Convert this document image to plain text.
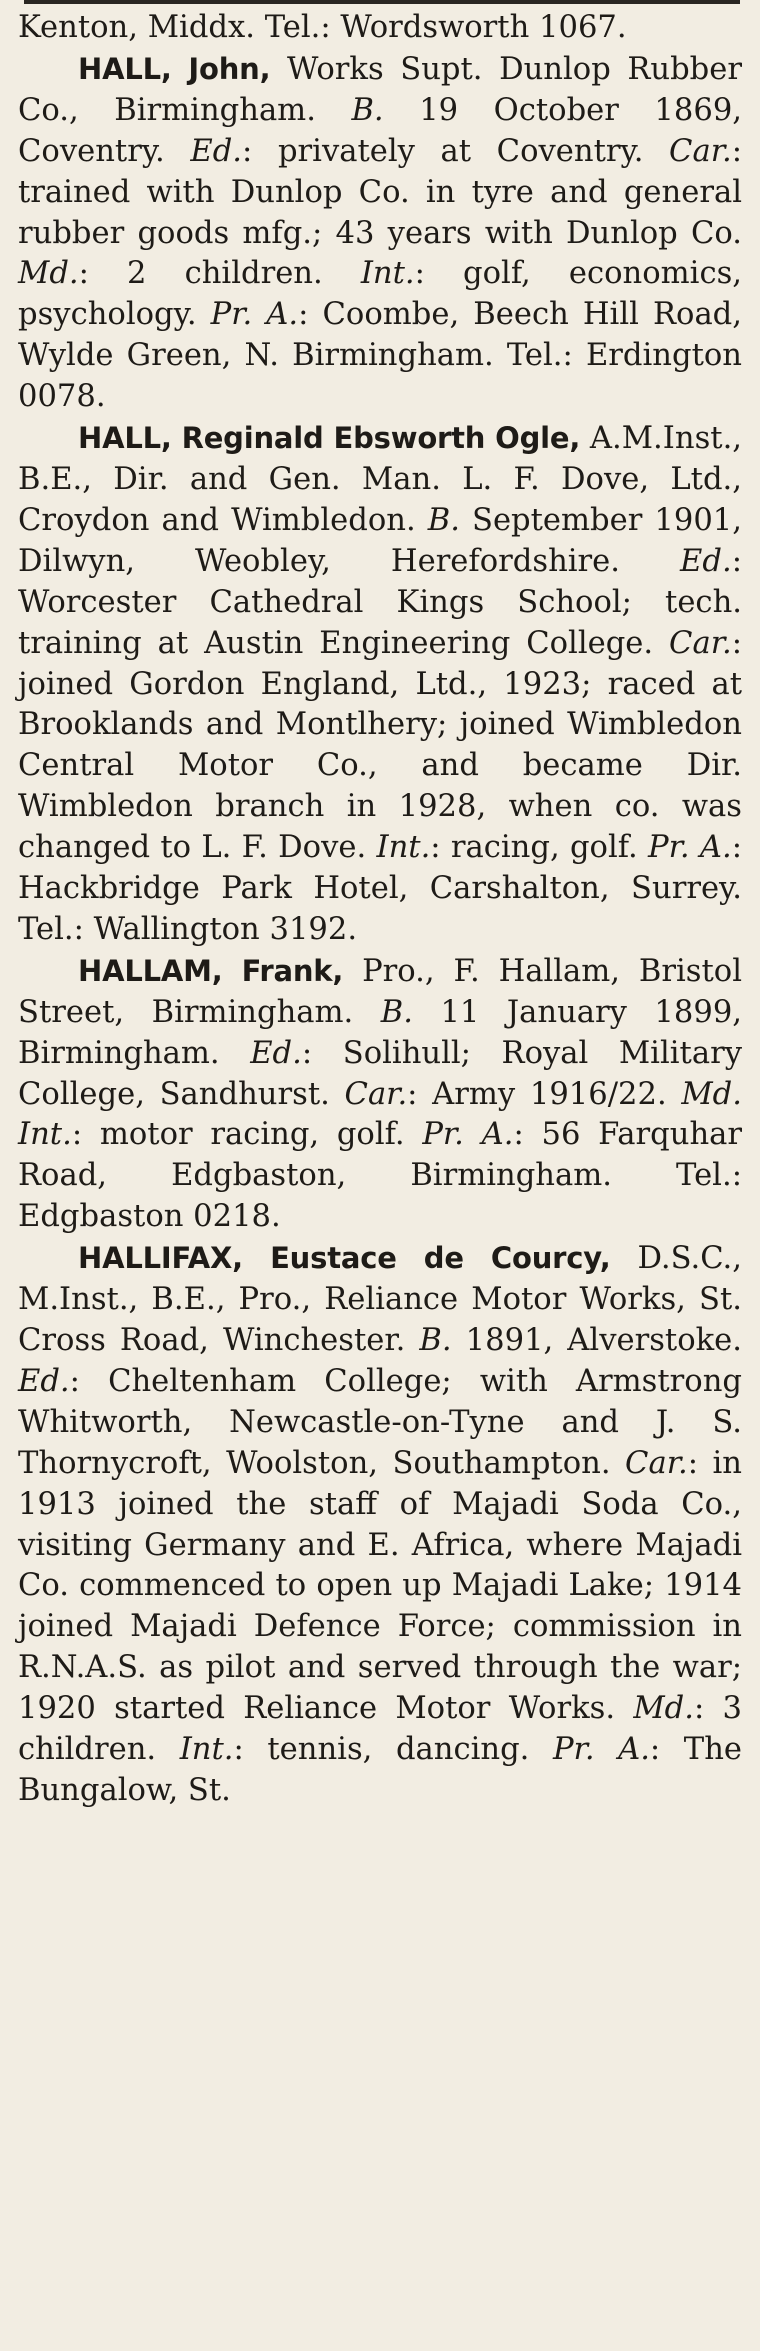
Kenton, Middx. Tel.: Wordsworth 1067.

HALL, John, Works Supt. Dunlop Rubber Co., Birmingham. B. 19 October 1869, Coventry. Ed.: privately at Coventry. Car.: trained with Dunlop Co. in tyre and general rubber goods mfg.; 43 years with Dunlop Co. Md.: 2 children. Int.: golf, economics, psychology. Pr. A.: Coombe, Beech Hill Road, Wylde Green, N. Birmingham. Tel.: Erdington 0078.

HALL, Reginald Ebsworth Ogle, A.M.Inst., B.E., Dir. and Gen. Man. L. F. Dove, Ltd., Croydon and Wimbledon. B. September 1901, Dilwyn, Weobley, Herefordshire. Ed.: Worcester Cathedral Kings School; tech. training at Austin Engineering College. Car.: joined Gordon England, Ltd., 1923; raced at Brooklands and Montlhery; joined Wimbledon Central Motor Co., and became Dir. Wimbledon branch in 1928, when co. was changed to L. F. Dove. Int.: racing, golf. Pr. A.: Hackbridge Park Hotel, Carshalton, Surrey. Tel.: Wallington 3192.

HALLAM, Frank, Pro., F. Hallam, Bristol Street, Birmingham. B. 11 January 1899, Birmingham. Ed.: Solihull; Royal Military College, Sandhurst. Car.: Army 1916/22. Md. Int.: motor racing, golf. Pr. A.: 56 Farquhar Road, Edgbaston, Birmingham. Tel.: Edgbaston 0218.

HALLIFAX, Eustace de Courcy, D.S.C., M.Inst., B.E., Pro., Reliance Motor Works, St. Cross Road, Winchester. B. 1891, Alverstoke. Ed.: Cheltenham College; with Armstrong Whitworth, Newcastle-on-Tyne and J. S. Thornycroft, Woolston, Southampton. Car.: in 1913 joined the staff of Majadi Soda Co., visiting Germany and E. Africa, where Majadi Co. commenced to open up Majadi Lake; 1914 joined Majadi Defence Force; commission in R.N.A.S. as pilot and served through the war; 1920 started Reliance Motor Works. Md.: 3 children. Int.: tennis, dancing. Pr. A.: The Bungalow, St.
